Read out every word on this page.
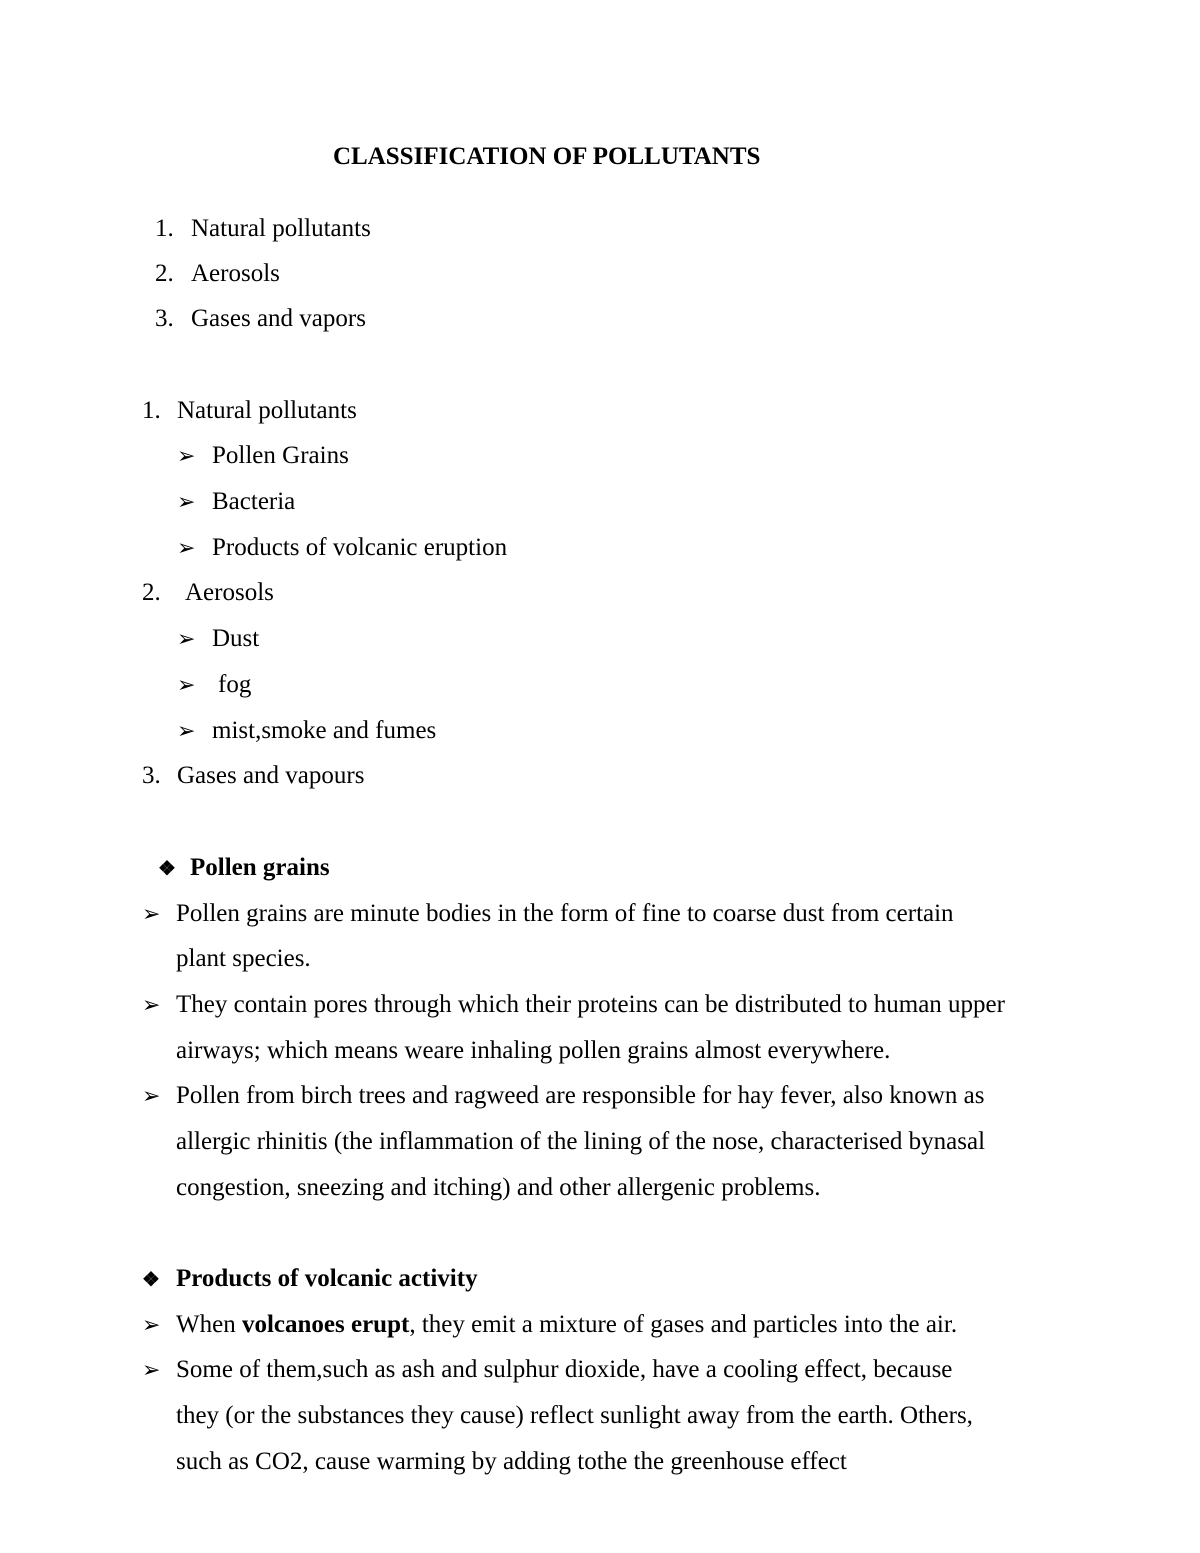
CLASSIFICATION OF POLLUTANTS
1. Natural pollutants
2. Aerosols
3. Gases and vapors
1. Natural pollutants
➢ Pollen Grains
➢ Bacteria
➢ Products of volcanic eruption
2. Aerosols
➢ Dust
➢ fog
➢ mist,smoke and fumes
3. Gases and vapours
❖ Pollen grains
➢ Pollen grains are minute bodies in the form of fine to coarse dust from certain
plant species.
➢ They contain pores through which their proteins can be distributed to human upper
airways; which means weare inhaling pollen grains almost everywhere.
➢ Pollen from birch trees and ragweed are responsible for hay fever, also known as
allergic rhinitis (the inflammation of the lining of the nose, characterised bynasal
congestion, sneezing and itching) and other allergenic problems.
❖ Products of volcanic activity
➢ When volcanoes erupt, they emit a mixture of gases and particles into the air.
➢ Some of them,such as ash and sulphur dioxide, have a cooling effect, because
they (or the substances they cause) reflect sunlight away from the earth. Others,
such as CO2, cause warming by adding tothe the greenhouse effect
